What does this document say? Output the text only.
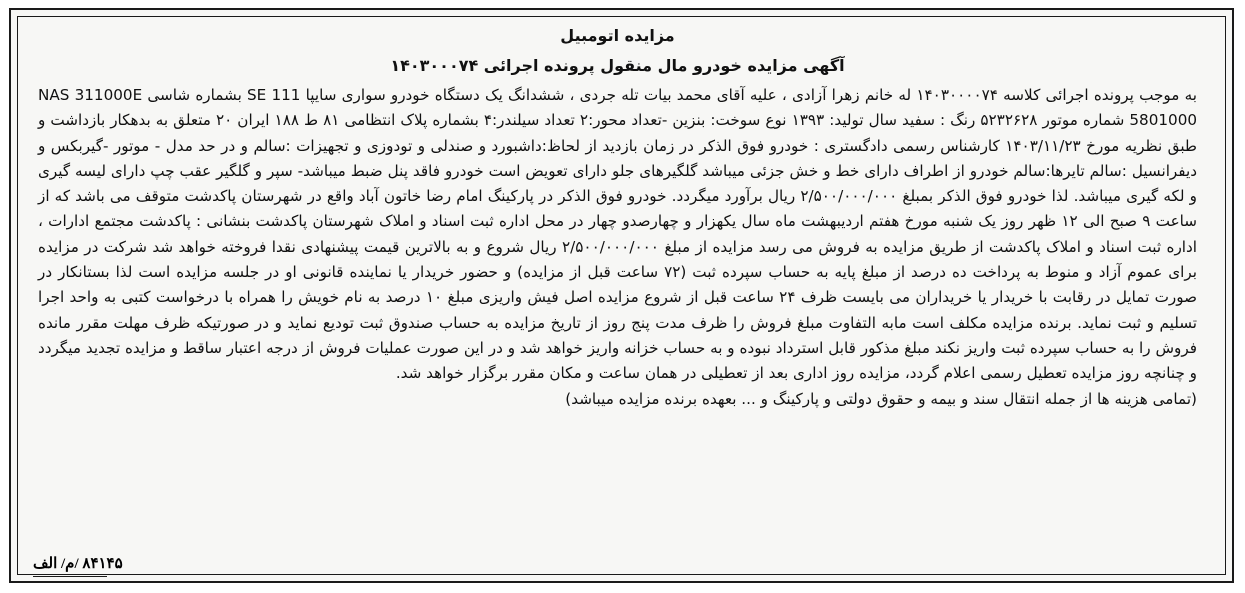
مزایده اتومبیل

آگهی مزایده خودرو مال منقول پرونده اجرائی ۱۴۰۳۰۰۰۷۴

به موجب پرونده اجرائی کلاسه ۱۴۰۳۰۰۰۰۷۴ له خانم زهرا آزادی ، علیه آقای محمد بیات تله جردی ، ششدانگ یک دستگاه خودرو سواری سایپا SE 111 بشماره شاسی NAS 311000E 5801000 شماره موتور ۵۲۳۲۶۲۸ رنگ : سفید سال تولید: ۱۳۹۳ نوع سوخت: بنزین -تعداد محور:۲ تعداد سیلندر:۴ بشماره پلاک انتظامی ۸۱ ط ۱۸۸ ایران ۲۰ متعلق به بدهکار بازداشت و طبق نظریه مورخ ۱۴۰۳/۱۱/۲۳ کارشناس رسمی دادگستری : خودرو فوق الذکر در زمان بازدید از لحاظ:داشبورد و صندلی و تودوزی و تجهیزات :سالم و در حد مدل - موتور -گیربکس و دیفرانسیل :سالم تایرها:سالم خودرو از اطراف دارای خط و خش جزئی میباشد گلگیرهای جلو دارای تعویض است خودرو فاقد پنل ضبط میباشد- سپر و گلگیر عقب چپ دارای لیسه گیری و لکه گیری میباشد. لذا خودرو فوق الذکر بمبلغ ۲/۵۰۰/۰۰۰/۰۰۰ ریال برآورد میگردد. خودرو فوق الذکر در پارکینگ امام رضا خاتون آباد واقع در شهرستان پاکدشت متوقف می باشد که از ساعت ۹ صبح الی ۱۲ ظهر روز یک شنبه مورخ هفتم اردیبهشت ماه سال یکهزار و چهارصدو چهار در محل اداره ثبت اسناد و املاک شهرستان پاکدشت بنشانی : پاکدشت مجتمع ادارات ، اداره ثبت اسناد و املاک پاکدشت از طریق مزایده به فروش می رسد مزایده از مبلغ ۲/۵۰۰/۰۰۰/۰۰۰ ریال شروع و به بالاترین قیمت پیشنهادی نقدا فروخته خواهد شد شرکت در مزایده برای عموم آزاد و منوط به پرداخت ده درصد از مبلغ پایه به حساب سپرده ثبت (۷۲ ساعت قبل از مزایده) و حضور خریدار یا نماینده قانونی او در جلسه مزایده است لذا بستانکار در صورت تمایل در رقابت با خریدار یا خریداران می بایست ظرف ۲۴ ساعت قبل از شروع مزایده اصل فیش واریزی مبلغ ۱۰ درصد به نام خویش را همراه با درخواست کتبی به واحد اجرا تسلیم و ثبت نماید. برنده مزایده مکلف است مابه التفاوت مبلغ فروش را ظرف مدت پنج روز از تاریخ مزایده به حساب صندوق ثبت تودیع نماید و در صورتیکه ظرف مهلت مقرر مانده فروش را به حساب سپرده ثبت واریز نکند مبلغ مذکور قابل استرداد نبوده و به حساب خزانه واریز خواهد شد و در این صورت عملیات فروش از درجه اعتبار ساقط و مزایده تجدید میگردد و چنانچه روز مزایده تعطیل رسمی اعلام گردد، مزایده روز اداری بعد از تعطیلی در همان ساعت و مکان مقرر برگزار خواهد شد.

(تمامی هزینه ها از جمله انتقال سند و بیمه و حقوق دولتی و پارکینگ و ... بعهده برنده مزایده میباشد)

۸۴۱۴۵ /م/ الف
